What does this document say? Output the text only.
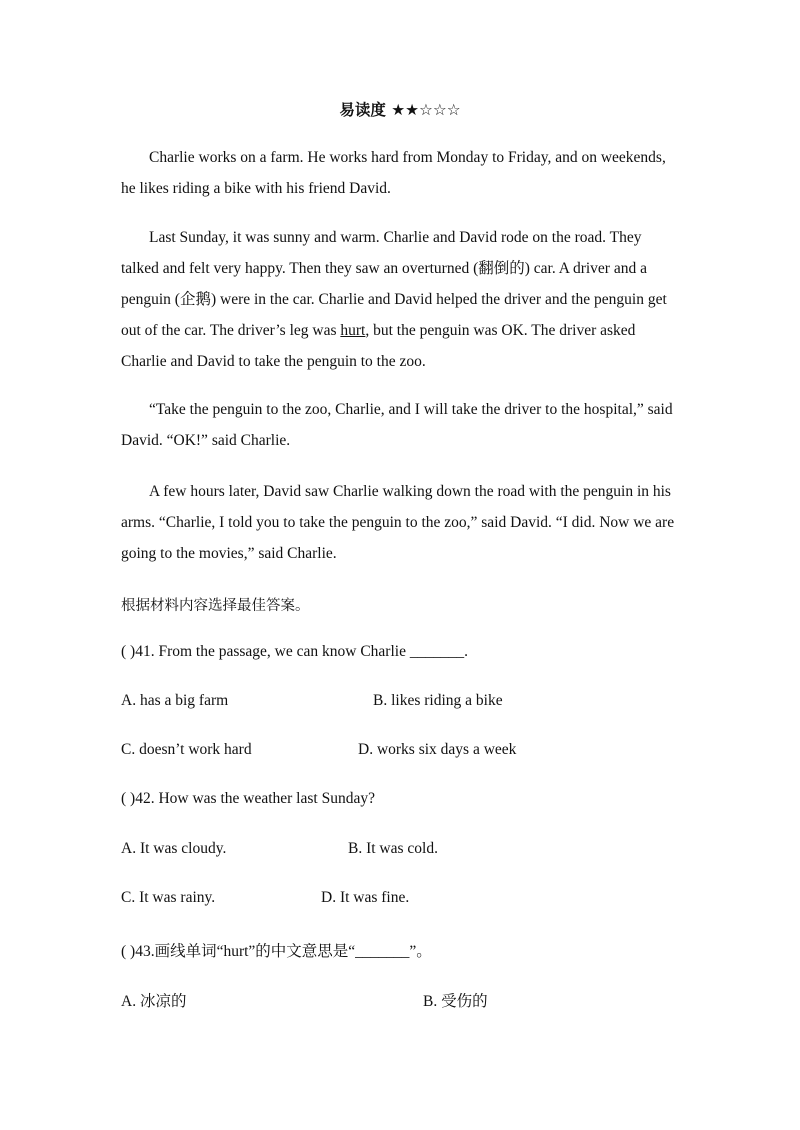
易读度 ★★☆☆☆

Charlie works on a farm. He works hard from Monday to Friday, and on weekends, he likes riding a bike with his friend David.

Last Sunday, it was sunny and warm. Charlie and David rode on the road. They talked and felt very happy. Then they saw an overturned (翻倒的) car. A driver and a penguin (企鹅) were in the car. Charlie and David helped the driver and the penguin get out of the car. The driver’s leg was hurt, but the penguin was OK. The driver asked Charlie and David to take the penguin to the zoo.

“Take the penguin to the zoo, Charlie, and I will take the driver to the hospital,” said David. “OK!” said Charlie.

A few hours later, David saw Charlie walking down the road with the penguin in his arms. “Charlie, I told you to take the penguin to the zoo,” said David. “I did. Now we are going to the movies,” said Charlie.

根据材料内容选择最佳答案。
( )41. From the passage, we can know Charlie _______.
A. has a big farm	B. likes riding a bike
C. doesn’t work hard	D. works six days a week
( )42. How was the weather last Sunday?
A. It was cloudy.	B. It was cold.
C. It was rainy.	D. It was fine.
( )43.画线单词“hurt”的中文意思是“_______”。
A. 冰凉的	B. 受伤的
